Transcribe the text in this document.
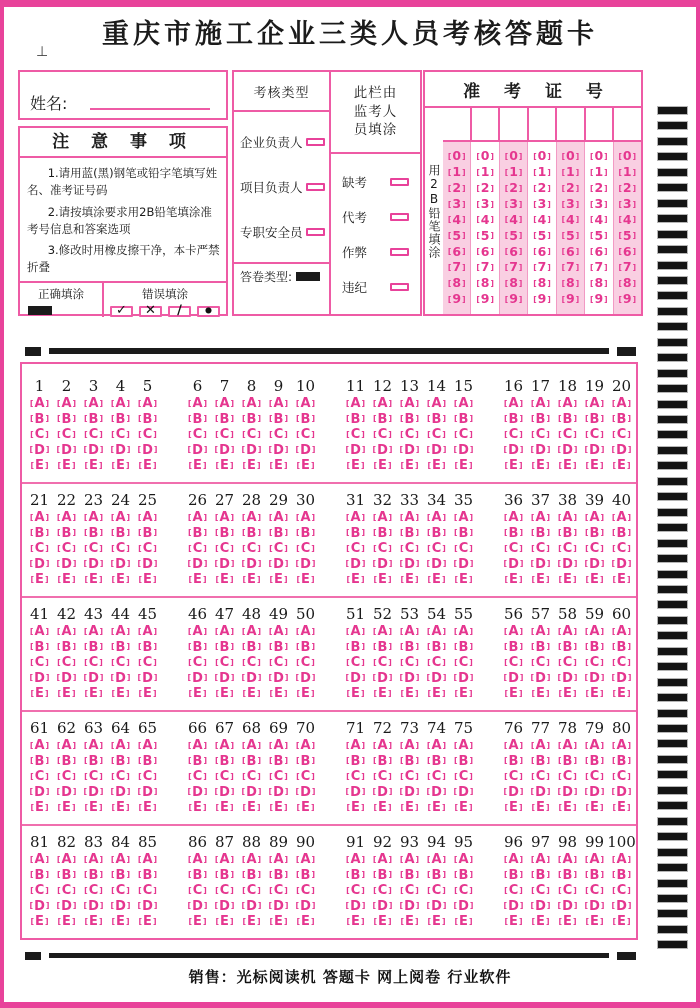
重庆市施工企业三类人员考核答题卡
⊥
姓名:
注 意 事 项

1.请用蓝(黑)钢笔或铅字笔填写姓名、准考证号码

2.请按填涂要求用2B铅笔填涂准考号信息和答案选项

3.修改时用橡皮擦干净，本卡严禁折叠

正确填涂	错误填涂
✓ ✕ ∕	●
考核类型
企业负责人
项目负责人
专职安全员
答卷类型:
此栏由
监考人
员填涂
缺考
代考
作弊
违纪
准 考 证 号
用2B铅笔填涂
[ 0 ]
[ 1 ]
[ 2 ]
[ 3 ]
[ 4 ]
[ 5 ]
[ 6 ]
[ 7 ]
[ 8 ]
[ 9 ]
[ 0 ]
[ 1 ]
[ 2 ]
[ 3 ]
[ 4 ]
[ 5 ]
[ 6 ]
[ 7 ]
[ 8 ]
[ 9 ]
[ 0 ]
[ 1 ]
[ 2 ]
[ 3 ]
[ 4 ]
[ 5 ]
[ 6 ]
[ 7 ]
[ 8 ]
[ 9 ]
[ 0 ]
[ 1 ]
[ 2 ]
[ 3 ]
[ 4 ]
[ 5 ]
[ 6 ]
[ 7 ]
[ 8 ]
[ 9 ]
[ 0 ]
[ 1 ]
[ 2 ]
[ 3 ]
[ 4 ]
[ 5 ]
[ 6 ]
[ 7 ]
[ 8 ]
[ 9 ]
[ 0 ]
[ 1 ]
[ 2 ]
[ 3 ]
[ 4 ]
[ 5 ]
[ 6 ]
[ 7 ]
[ 8 ]
[ 9 ]
[ 0 ]
[ 1 ]
[ 2 ]
[ 3 ]
[ 4 ]
[ 5 ]
[ 6 ]
[ 7 ]
[ 8 ]
[ 9 ]
1
[ A ]
[ B ]
[ C ]
[ D ]
[ E ]
2
[ A ]
[ B ]
[ C ]
[ D ]
[ E ]
3
[ A ]
[ B ]
[ C ]
[ D ]
[ E ]
4
[ A ]
[ B ]
[ C ]
[ D ]
[ E ]
5
[ A ]
[ B ]
[ C ]
[ D ]
[ E ]
6
[ A ]
[ B ]
[ C ]
[ D ]
[ E ]
7
[ A ]
[ B ]
[ C ]
[ D ]
[ E ]
8
[ A ]
[ B ]
[ C ]
[ D ]
[ E ]
9
[ A ]
[ B ]
[ C ]
[ D ]
[ E ]
10
[ A ]
[ B ]
[ C ]
[ D ]
[ E ]
11
[ A ]
[ B ]
[ C ]
[ D ]
[ E ]
12
[ A ]
[ B ]
[ C ]
[ D ]
[ E ]
13
[ A ]
[ B ]
[ C ]
[ D ]
[ E ]
14
[ A ]
[ B ]
[ C ]
[ D ]
[ E ]
15
[ A ]
[ B ]
[ C ]
[ D ]
[ E ]
16
[ A ]
[ B ]
[ C ]
[ D ]
[ E ]
17
[ A ]
[ B ]
[ C ]
[ D ]
[ E ]
18
[ A ]
[ B ]
[ C ]
[ D ]
[ E ]
19
[ A ]
[ B ]
[ C ]
[ D ]
[ E ]
20
[ A ]
[ B ]
[ C ]
[ D ]
[ E ]
21
[ A ]
[ B ]
[ C ]
[ D ]
[ E ]
22
[ A ]
[ B ]
[ C ]
[ D ]
[ E ]
23
[ A ]
[ B ]
[ C ]
[ D ]
[ E ]
24
[ A ]
[ B ]
[ C ]
[ D ]
[ E ]
25
[ A ]
[ B ]
[ C ]
[ D ]
[ E ]
26
[ A ]
[ B ]
[ C ]
[ D ]
[ E ]
27
[ A ]
[ B ]
[ C ]
[ D ]
[ E ]
28
[ A ]
[ B ]
[ C ]
[ D ]
[ E ]
29
[ A ]
[ B ]
[ C ]
[ D ]
[ E ]
30
[ A ]
[ B ]
[ C ]
[ D ]
[ E ]
31
[ A ]
[ B ]
[ C ]
[ D ]
[ E ]
32
[ A ]
[ B ]
[ C ]
[ D ]
[ E ]
33
[ A ]
[ B ]
[ C ]
[ D ]
[ E ]
34
[ A ]
[ B ]
[ C ]
[ D ]
[ E ]
35
[ A ]
[ B ]
[ C ]
[ D ]
[ E ]
36
[ A ]
[ B ]
[ C ]
[ D ]
[ E ]
37
[ A ]
[ B ]
[ C ]
[ D ]
[ E ]
38
[ A ]
[ B ]
[ C ]
[ D ]
[ E ]
39
[ A ]
[ B ]
[ C ]
[ D ]
[ E ]
40
[ A ]
[ B ]
[ C ]
[ D ]
[ E ]
41
[ A ]
[ B ]
[ C ]
[ D ]
[ E ]
42
[ A ]
[ B ]
[ C ]
[ D ]
[ E ]
43
[ A ]
[ B ]
[ C ]
[ D ]
[ E ]
44
[ A ]
[ B ]
[ C ]
[ D ]
[ E ]
45
[ A ]
[ B ]
[ C ]
[ D ]
[ E ]
46
[ A ]
[ B ]
[ C ]
[ D ]
[ E ]
47
[ A ]
[ B ]
[ C ]
[ D ]
[ E ]
48
[ A ]
[ B ]
[ C ]
[ D ]
[ E ]
49
[ A ]
[ B ]
[ C ]
[ D ]
[ E ]
50
[ A ]
[ B ]
[ C ]
[ D ]
[ E ]
51
[ A ]
[ B ]
[ C ]
[ D ]
[ E ]
52
[ A ]
[ B ]
[ C ]
[ D ]
[ E ]
53
[ A ]
[ B ]
[ C ]
[ D ]
[ E ]
54
[ A ]
[ B ]
[ C ]
[ D ]
[ E ]
55
[ A ]
[ B ]
[ C ]
[ D ]
[ E ]
56
[ A ]
[ B ]
[ C ]
[ D ]
[ E ]
57
[ A ]
[ B ]
[ C ]
[ D ]
[ E ]
58
[ A ]
[ B ]
[ C ]
[ D ]
[ E ]
59
[ A ]
[ B ]
[ C ]
[ D ]
[ E ]
60
[ A ]
[ B ]
[ C ]
[ D ]
[ E ]
61
[ A ]
[ B ]
[ C ]
[ D ]
[ E ]
62
[ A ]
[ B ]
[ C ]
[ D ]
[ E ]
63
[ A ]
[ B ]
[ C ]
[ D ]
[ E ]
64
[ A ]
[ B ]
[ C ]
[ D ]
[ E ]
65
[ A ]
[ B ]
[ C ]
[ D ]
[ E ]
66
[ A ]
[ B ]
[ C ]
[ D ]
[ E ]
67
[ A ]
[ B ]
[ C ]
[ D ]
[ E ]
68
[ A ]
[ B ]
[ C ]
[ D ]
[ E ]
69
[ A ]
[ B ]
[ C ]
[ D ]
[ E ]
70
[ A ]
[ B ]
[ C ]
[ D ]
[ E ]
71
[ A ]
[ B ]
[ C ]
[ D ]
[ E ]
72
[ A ]
[ B ]
[ C ]
[ D ]
[ E ]
73
[ A ]
[ B ]
[ C ]
[ D ]
[ E ]
74
[ A ]
[ B ]
[ C ]
[ D ]
[ E ]
75
[ A ]
[ B ]
[ C ]
[ D ]
[ E ]
76
[ A ]
[ B ]
[ C ]
[ D ]
[ E ]
77
[ A ]
[ B ]
[ C ]
[ D ]
[ E ]
78
[ A ]
[ B ]
[ C ]
[ D ]
[ E ]
79
[ A ]
[ B ]
[ C ]
[ D ]
[ E ]
80
[ A ]
[ B ]
[ C ]
[ D ]
[ E ]
81
[ A ]
[ B ]
[ C ]
[ D ]
[ E ]
82
[ A ]
[ B ]
[ C ]
[ D ]
[ E ]
83
[ A ]
[ B ]
[ C ]
[ D ]
[ E ]
84
[ A ]
[ B ]
[ C ]
[ D ]
[ E ]
85
[ A ]
[ B ]
[ C ]
[ D ]
[ E ]
86
[ A ]
[ B ]
[ C ]
[ D ]
[ E ]
87
[ A ]
[ B ]
[ C ]
[ D ]
[ E ]
88
[ A ]
[ B ]
[ C ]
[ D ]
[ E ]
89
[ A ]
[ B ]
[ C ]
[ D ]
[ E ]
90
[ A ]
[ B ]
[ C ]
[ D ]
[ E ]
91
[ A ]
[ B ]
[ C ]
[ D ]
[ E ]
92
[ A ]
[ B ]
[ C ]
[ D ]
[ E ]
93
[ A ]
[ B ]
[ C ]
[ D ]
[ E ]
94
[ A ]
[ B ]
[ C ]
[ D ]
[ E ]
95
[ A ]
[ B ]
[ C ]
[ D ]
[ E ]
96
[ A ]
[ B ]
[ C ]
[ D ]
[ E ]
97
[ A ]
[ B ]
[ C ]
[ D ]
[ E ]
98
[ A ]
[ B ]
[ C ]
[ D ]
[ E ]
99
[ A ]
[ B ]
[ C ]
[ D ]
[ E ]
100
[ A ]
[ B ]
[ C ]
[ D ]
[ E ]
销售：光标阅读机 答题卡 网上阅卷 行业软件
